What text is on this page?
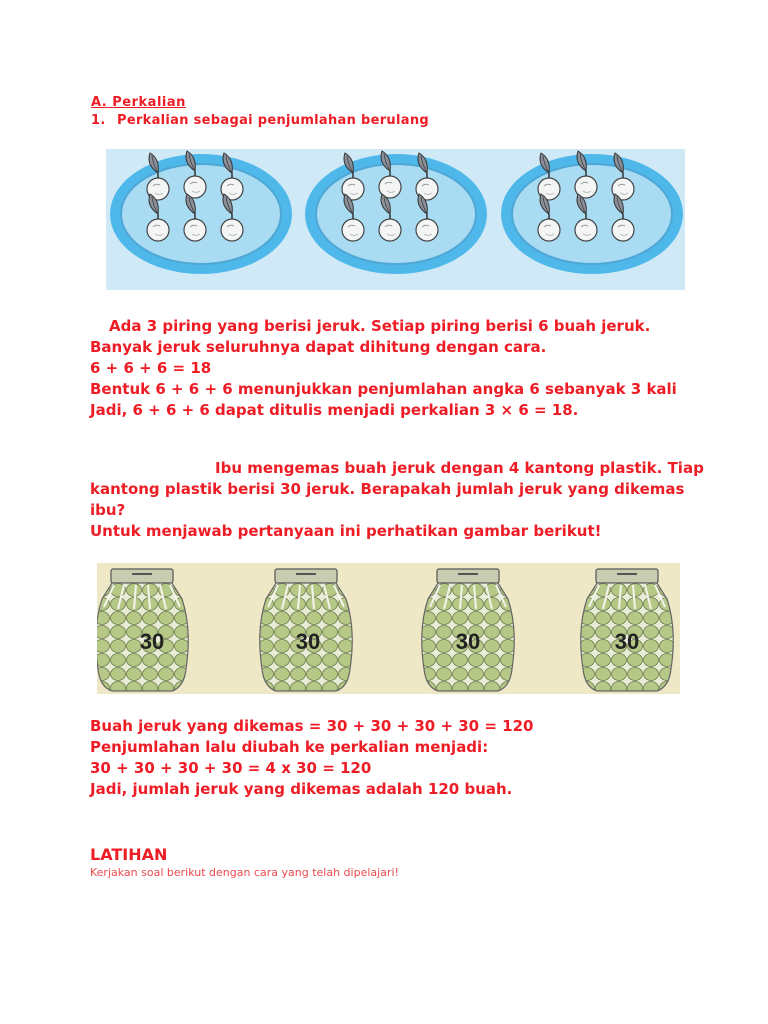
A. Perkalian
1. Perkalian sebagai penjumlahan berulang

Ada 3 piring yang berisi jeruk. Setiap piring berisi 6 buah jeruk.

Banyak jeruk seluruhnya dapat dihitung dengan cara.

6 + 6 + 6 = 18

Bentuk 6 + 6 + 6 menunjukkan penjumlahan angka 6 sebanyak 3 kali

Jadi, 6 + 6 + 6 dapat ditulis menjadi perkalian 3 × 6 = 18.

Ibu mengemas buah jeruk dengan 4 kantong plastik. Tiap

kantong plastik berisi 30 jeruk. Berapakah jumlah jeruk yang dikemas

ibu?

Untuk menjawab pertanyaan ini perhatikan gambar berikut!

30	30	30	30

Buah jeruk yang dikemas = 30 + 30 + 30 + 30 = 120

Penjumlahan lalu diubah ke perkalian menjadi:

30 + 30 + 30 + 30 = 4 x 30 = 120

Jadi, jumlah jeruk yang dikemas adalah 120 buah.

LATIHAN
Kerjakan soal berikut dengan cara yang telah dipelajari!
